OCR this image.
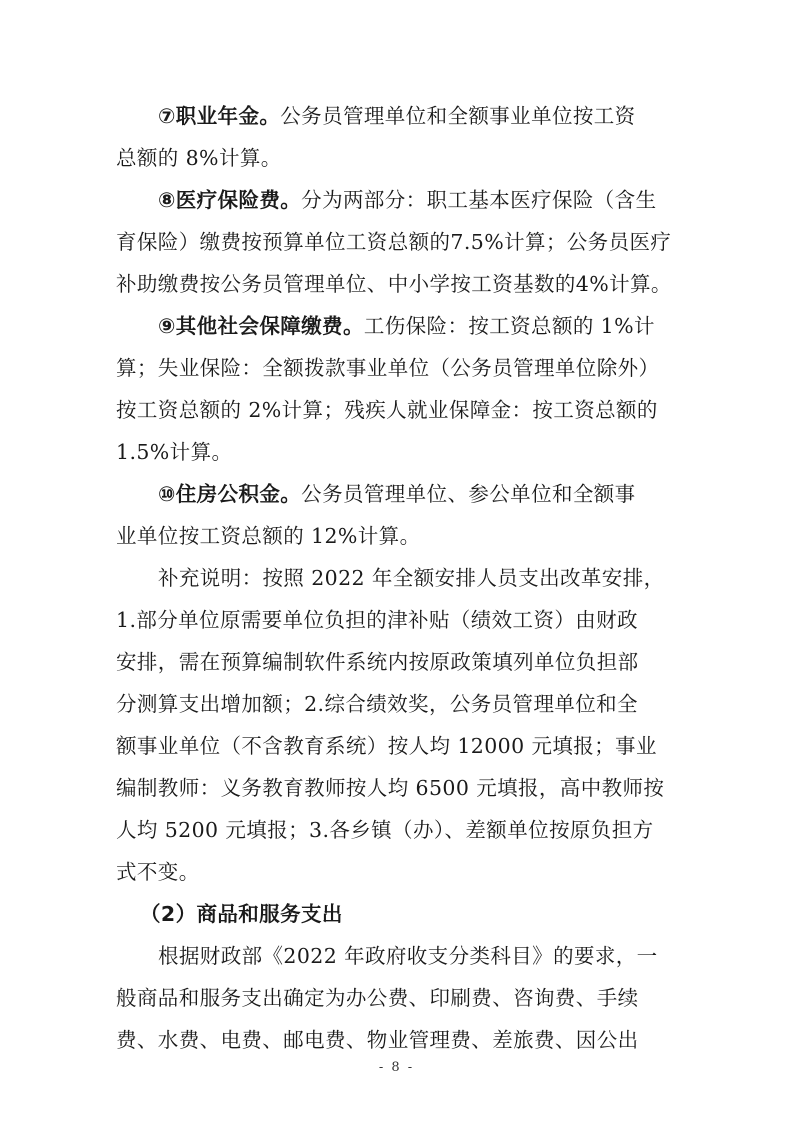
⑦职业年金。公务员管理单位和全额事业单位按工资
总额的 8%计算。
⑧医疗保险费。分为两部分：职工基本医疗保险（含生
育保险）缴费按预算单位工资总额的7.5%计算；公务员医疗
补助缴费按公务员管理单位、中小学按工资基数的4%计算。
⑨其他社会保障缴费。工伤保险：按工资总额的 1%计
算；失业保险：全额拨款事业单位（公务员管理单位除外）
按工资总额的 2%计算；残疾人就业保障金：按工资总额的
1.5%计算。
⑩住房公积金。公务员管理单位、参公单位和全额事
业单位按工资总额的 12%计算。
补充说明：按照 2022 年全额安排人员支出改革安排，
1.部分单位原需要单位负担的津补贴（绩效工资）由财政
安排，需在预算编制软件系统内按原政策填列单位负担部
分测算支出增加额；2.综合绩效奖，公务员管理单位和全
额事业单位（不含教育系统）按人均 12000 元填报；事业
编制教师：义务教育教师按人均 6500 元填报，高中教师按
人均 5200 元填报；3.各乡镇（办）、差额单位按原负担方
式不变。
（2）商品和服务支出
根据财政部《2022 年政府收支分类科目》的要求，一
般商品和服务支出确定为办公费、印刷费、咨询费、手续
费、水费、电费、邮电费、物业管理费、差旅费、因公出
- 8 -
